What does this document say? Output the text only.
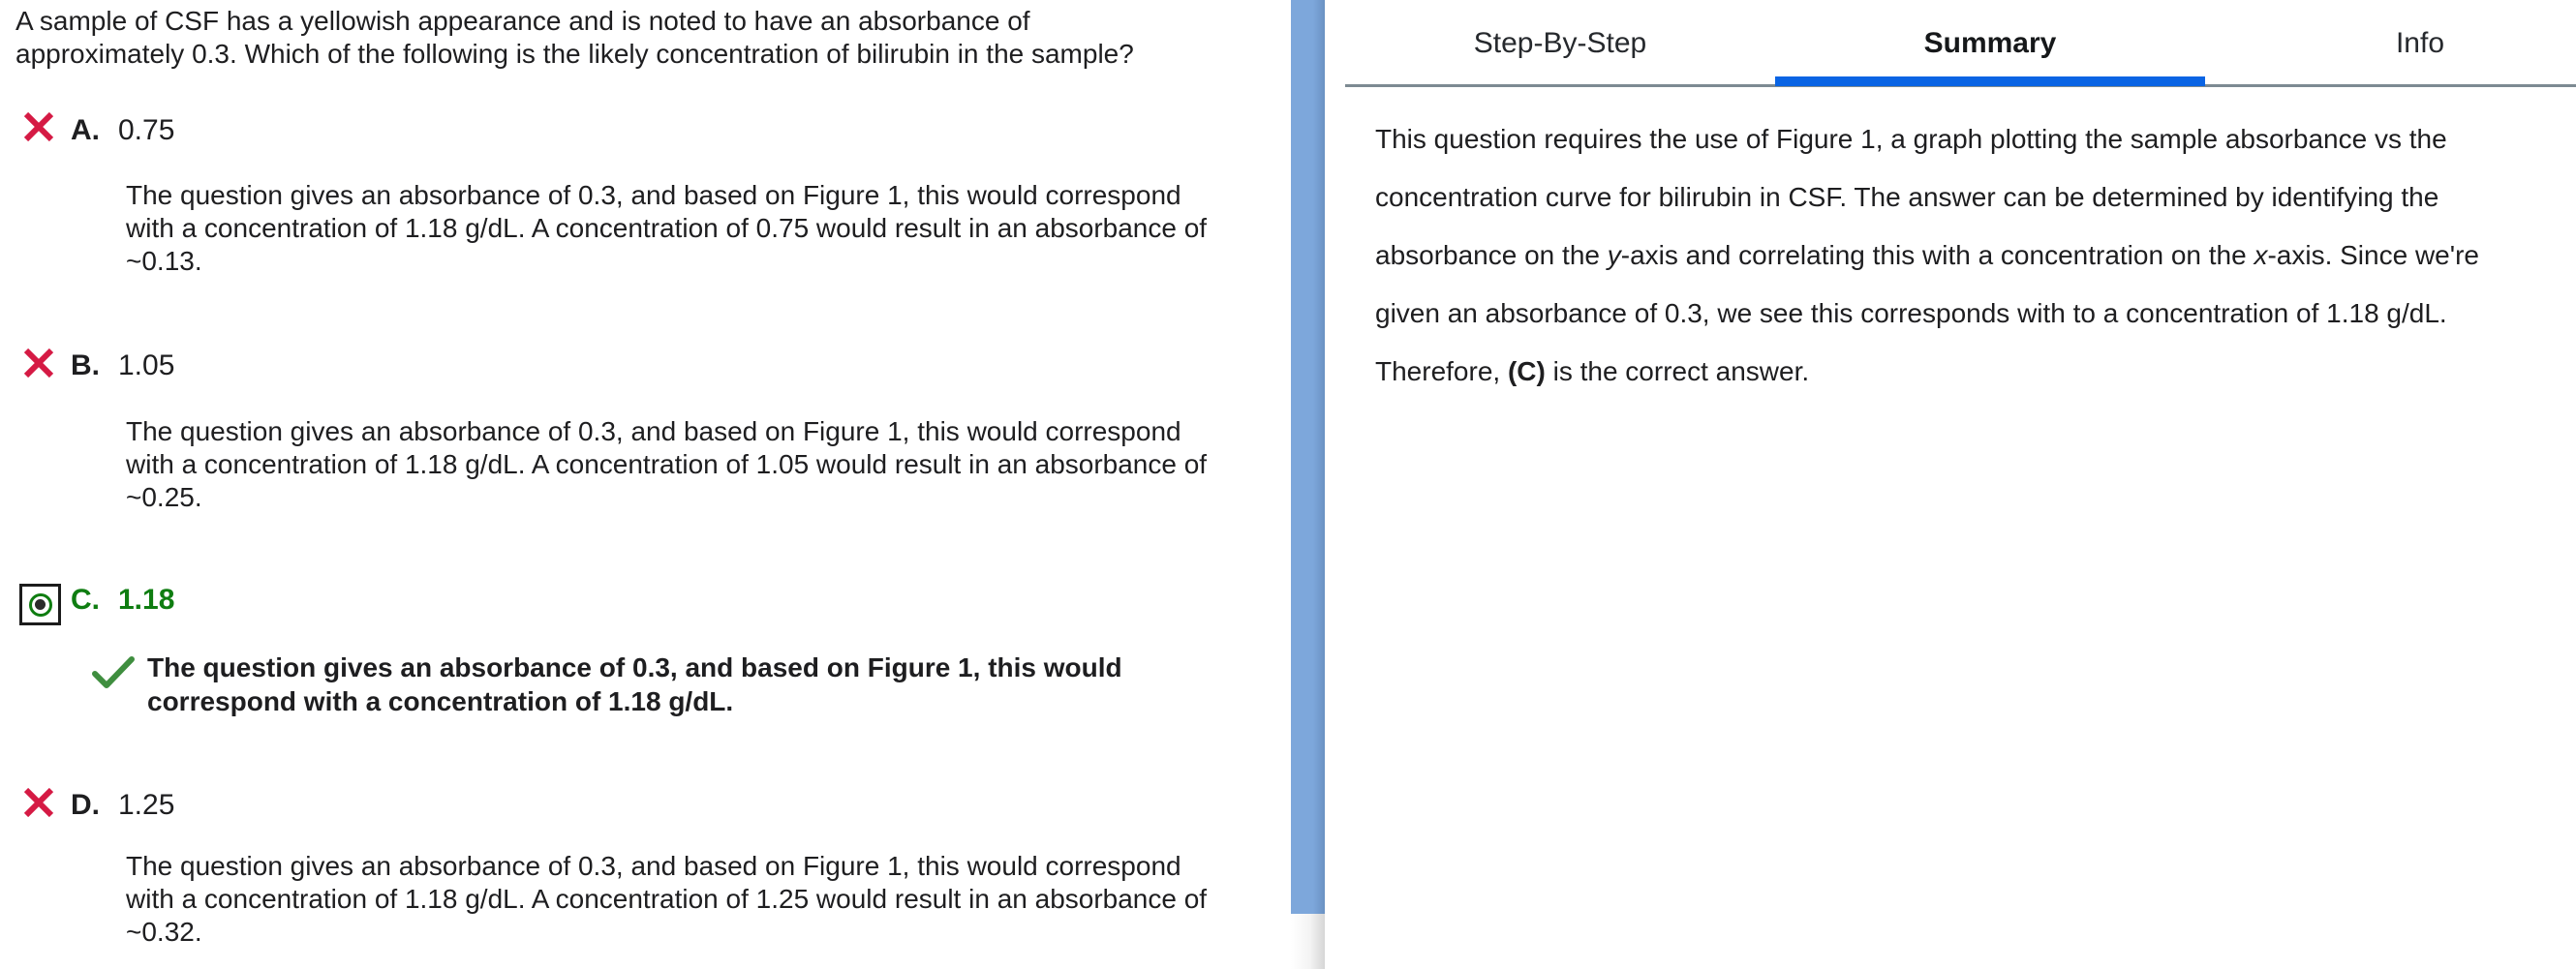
A sample of CSF has a yellowish appearance and is noted to have an absorbance of approximately 0.3. Which of the following is the likely concentration of bilirubin in the sample?
A. 0.75
The question gives an absorbance of 0.3, and based on Figure 1, this would correspond with a concentration of 1.18 g/dL. A concentration of 0.75 would result in an absorbance of ~0.13.
B. 1.05
The question gives an absorbance of 0.3, and based on Figure 1, this would correspond with a concentration of 1.18 g/dL. A concentration of 1.05 would result in an absorbance of ~0.25.
C. 1.18
The question gives an absorbance of 0.3, and based on Figure 1, this would correspond with a concentration of 1.18 g/dL.
D. 1.25
The question gives an absorbance of 0.3, and based on Figure 1, this would correspond with a concentration of 1.18 g/dL. A concentration of 1.25 would result in an absorbance of ~0.32.
Step-By-Step	Summary	Info
This question requires the use of Figure 1, a graph plotting the sample absorbance vs the concentration curve for bilirubin in CSF. The answer can be determined by identifying the absorbance on the y-axis and correlating this with a concentration on the x-axis. Since we're given an absorbance of 0.3, we see this corresponds with to a concentration of 1.18 g/dL. Therefore, (C) is the correct answer.
